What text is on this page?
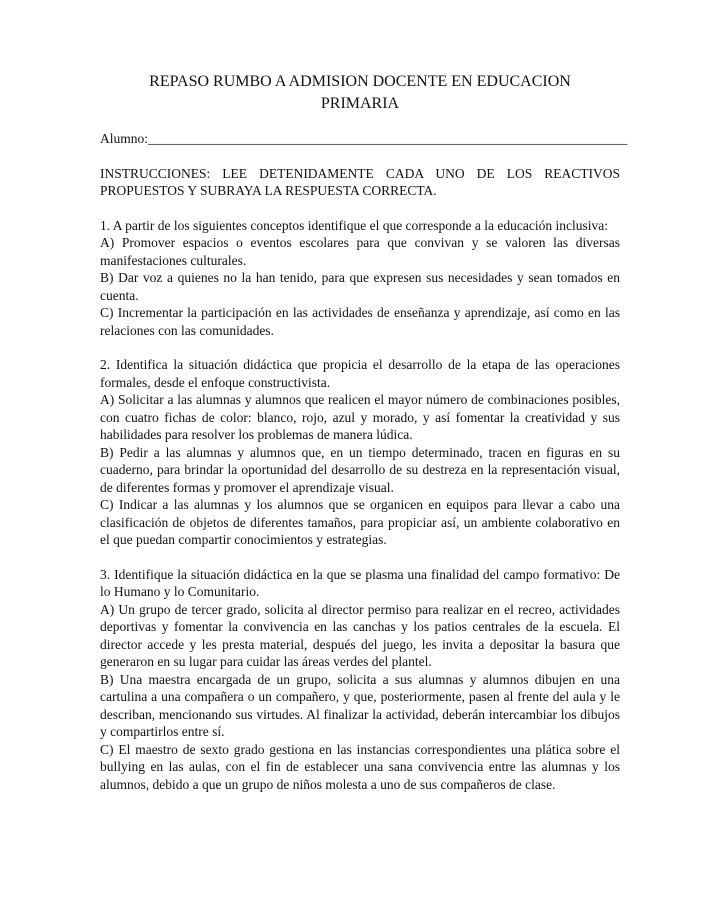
REPASO RUMBO A ADMISION DOCENTE EN EDUCACION PRIMARIA

Alumno:_______________________________________________________________________

INSTRUCCIONES: LEE DETENIDAMENTE CADA UNO DE LOS REACTIVOS PROPUESTOS Y SUBRAYA LA RESPUESTA CORRECTA.

1. A partir de los siguientes conceptos identifique el que corresponde a la educación inclusiva:

A) Promover espacios o eventos escolares para que convivan y se valoren las diversas manifestaciones culturales.

B) Dar voz a quienes no la han tenido, para que expresen sus necesidades y sean tomados en cuenta.

C) Incrementar la participación en las actividades de enseñanza y aprendizaje, así como en las relaciones con las comunidades.

2. Identifica la situación didáctica que propicia el desarrollo de la etapa de las operaciones formales, desde el enfoque constructivista.

A) Solicitar a las alumnas y alumnos que realicen el mayor número de combinaciones posibles, con cuatro fichas de color: blanco, rojo, azul y morado, y así fomentar la creatividad y sus habilidades para resolver los problemas de manera lúdica.

B) Pedir a las alumnas y alumnos que, en un tiempo determinado, tracen en figuras en su cuaderno, para brindar la oportunidad del desarrollo de su destreza en la representación visual, de diferentes formas y promover el aprendizaje visual.

C) Indicar a las alumnas y los alumnos que se organicen en equipos para llevar a cabo una clasificación de objetos de diferentes tamaños, para propiciar así, un ambiente colaborativo en el que puedan compartir conocimientos y estrategias.

3. Identifique la situación didáctica en la que se plasma una finalidad del campo formativo: De lo Humano y lo Comunitario.

A) Un grupo de tercer grado, solicita al director permiso para realizar en el recreo, actividades deportivas y fomentar la convivencia en las canchas y los patios centrales de la escuela. El director accede y les presta material, después del juego, les invita a depositar la basura que generaron en su lugar para cuidar las áreas verdes del plantel.

B) Una maestra encargada de un grupo, solicita a sus alumnas y alumnos dibujen en una cartulina a una compañera o un compañero, y que, posteriormente, pasen al frente del aula y le describan, mencionando sus virtudes. Al finalizar la actividad, deberán intercambiar los dibujos y compartirlos entre sí.

C) El maestro de sexto grado gestiona en las instancias correspondientes una plática sobre el bullying en las aulas, con el fin de establecer una sana convivencia entre las alumnas y los alumnos, debido a que un grupo de niños molesta a uno de sus compañeros de clase.
